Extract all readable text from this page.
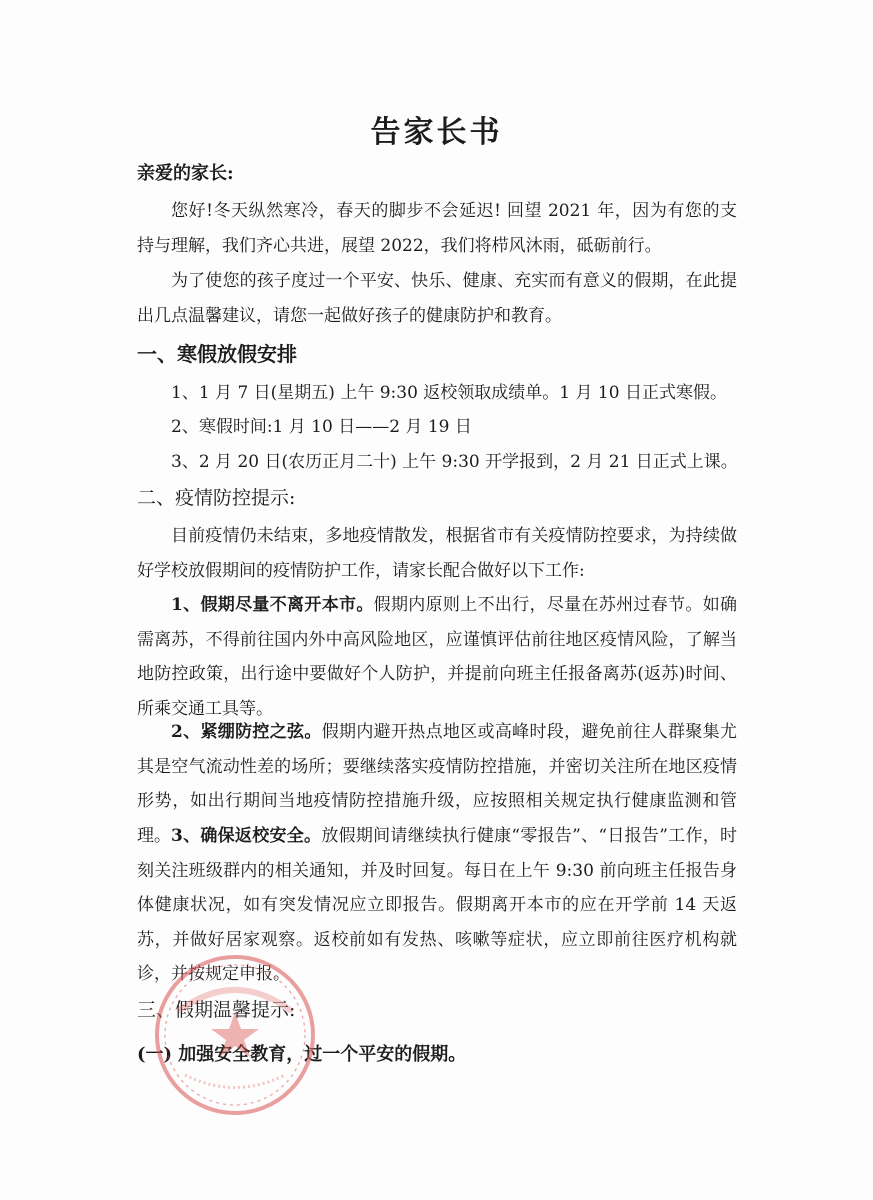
告家长书
亲爱的家长:
您好!冬天纵然寒冷，春天的脚步不会延迟! 回望 2021 年，因为有您的支持与理解，我们齐心共进，展望 2022，我们将栉风沐雨，砥砺前行。
为了使您的孩子度过一个平安、快乐、健康、充实而有意义的假期，在此提出几点温馨建议，请您一起做好孩子的健康防护和教育。
一、寒假放假安排
1、1 月 7 日(星期五) 上午 9:30 返校领取成绩单。1 月 10 日正式寒假。
2、寒假时间:1 月 10 日——2 月 19 日
3、2 月 20 日(农历正月二十) 上午 9:30 开学报到，2 月 21 日正式上课。
二、疫情防控提示:
目前疫情仍未结束，多地疫情散发，根据省市有关疫情防控要求，为持续做好学校放假期间的疫情防护工作，请家长配合做好以下工作:
1、假期尽量不离开本市。假期内原则上不出行，尽量在苏州过春节。如确需离苏，不得前往国内外中高风险地区，应谨慎评估前往地区疫情风险，了解当地防控政策，出行途中要做好个人防护，并提前向班主任报备离苏(返苏)时间、所乘交通工具等。
2、紧绷防控之弦。假期内避开热点地区或高峰时段，避免前往人群聚集尤其是空气流动性差的场所；要继续落实疫情防控措施，并密切关注所在地区疫情形势，如出行期间当地疫情防控措施升级，应按照相关规定执行健康监测和管理。 3、确保返校安全。放假期间请继续执行健康“零报告”、“日报告”工作，时刻关注班级群内的相关通知，并及时回复。每日在上午 9:30 前向班主任报告身体健康状况，如有突发情况应立即报告。假期离开本市的应在开学前 14 天返苏，并做好居家观察。返校前如有发热、咳嗽等症状，应立即前往医疗机构就诊，并按规定申报。
三、假期温馨提示:
(一) 加强安全教育，过一个平安的假期。
